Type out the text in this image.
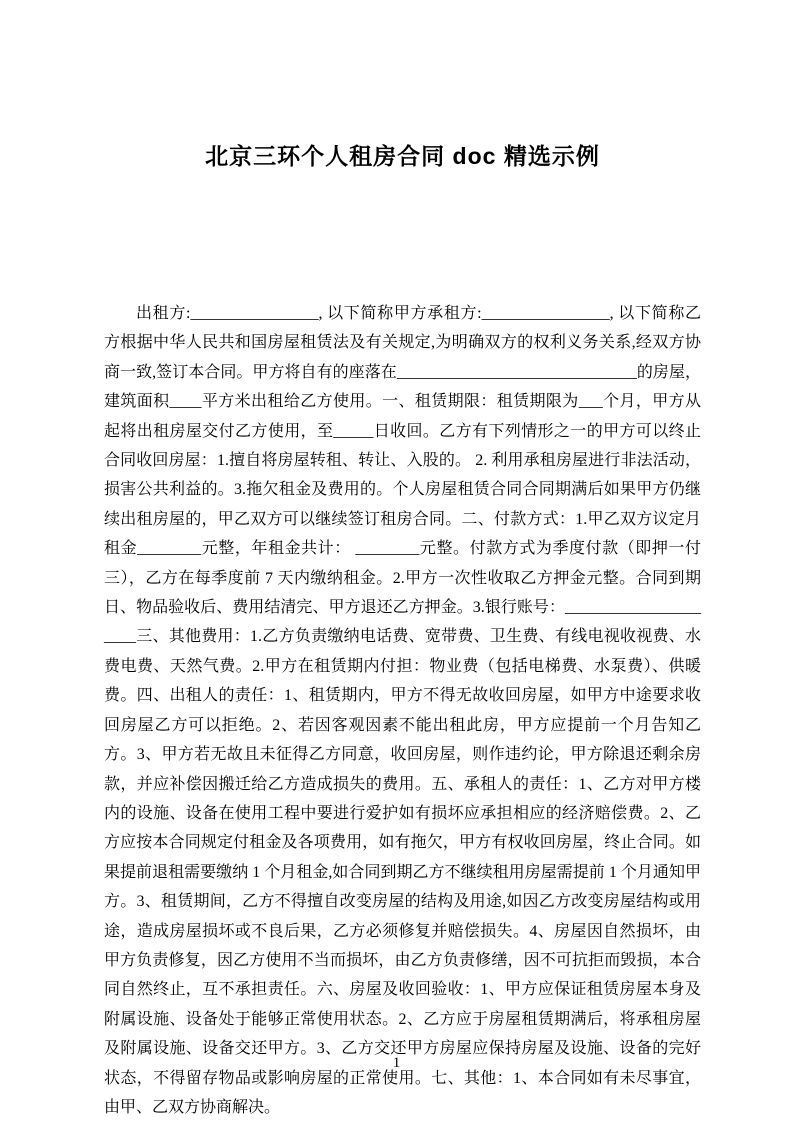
北京三环个人租房合同 doc 精选示例

出租方:________________, 以下简称甲方承租方:________________, 以下简称乙方根据中华人民共和国房屋租赁法及有关规定,为明确双方的权利义务关系,经双方协商一致,签订本合同。甲方将自有的座落在______________________________的房屋，建筑面积____平方米出租给乙方使用。一、租赁期限：租赁期限为___个月，甲方从起将出租房屋交付乙方使用，至_____日收回。乙方有下列情形之一的甲方可以终止合同收回房屋：1.擅自将房屋转租、转让、入股的。 2. 利用承租房屋进行非法活动，损害公共利益的。3.拖欠租金及费用的。个人房屋租赁合同合同期满后如果甲方仍继续出租房屋的，甲乙双方可以继续签订租房合同。二、付款方式：1.甲乙双方议定月租金________元整，年租金共计： ________元整。付款方式为季度付款（即押一付三），乙方在每季度前 7 天内缴纳租金。2.甲方一次性收取乙方押金元整。合同到期日、物品验收后、费用结清完、甲方退还乙方押金。3.银行账号：_____________________三、其他费用：1.乙方负责缴纳电话费、宽带费、卫生费、有线电视收视费、水费电费、天然气费。2.甲方在租赁期内付担：物业费（包括电梯费、水泵费）、供暖费。四、出租人的责任：1、租赁期内，甲方不得无故收回房屋，如甲方中途要求收回房屋乙方可以拒绝。2、若因客观因素不能出租此房，甲方应提前一个月告知乙方。3、甲方若无故且未征得乙方同意，收回房屋，则作违约论，甲方除退还剩余房款，并应补偿因搬迁给乙方造成损失的费用。五、承租人的责任：1、乙方对甲方楼内的设施、设备在使用工程中要进行爱护如有损坏应承担相应的经济赔偿费。2、乙方应按本合同规定付租金及各项费用，如有拖欠，甲方有权收回房屋，终止合同。如果提前退租需要缴纳 1 个月租金,如合同到期乙方不继续租用房屋需提前 1 个月通知甲方。3、租赁期间，乙方不得擅自改变房屋的结构及用途,如因乙方改变房屋结构或用途，造成房屋损坏或不良后果，乙方必须修复并赔偿损失。4、房屋因自然损坏，由甲方负责修复，因乙方使用不当而损坏，由乙方负责修缮，因不可抗拒而毁损，本合同自然终止，互不承担责任。六、房屋及收回验收：1、甲方应保证租赁房屋本身及附属设施、设备处于能够正常使用状态。2、乙方应于房屋租赁期满后，将承租房屋及附属设施、设备交还甲方。3、乙方交还甲方房屋应保持房屋及设施、设备的完好状态，不得留存物品或影响房屋的正常使用。七、其他：1、本合同如有未尽事宜，由甲、乙双方协商解决。

1
